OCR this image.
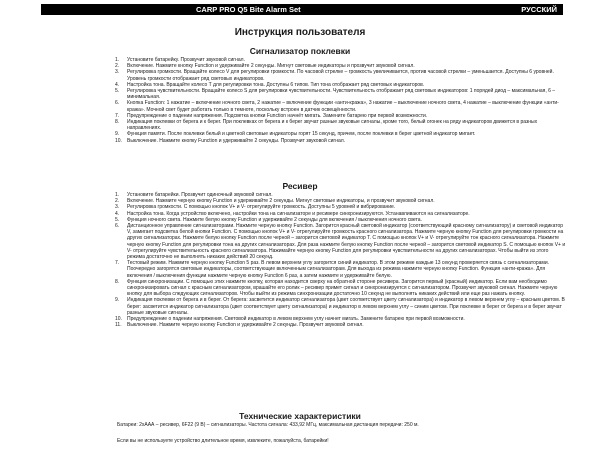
CARP PRO Q5 Bite Alarm Set	РУССКИЙ
Инструкция пользователя
Сигнализатор поклевки
1. Установите батарейку. Прозвучит звуковой сигнал.
2. Включение. Нажмите кнопку Function и удерживайте 2 секунды. Мигнут световые индикаторы и прозвучит звуковой сигнал.
3. Регулировка громкости. Вращайте колесо V для регулировки громкости. По часовой стрелке – громкость увеличивается, против часовой стрелки – уменьшается. Доступны 6 уровней. Уровень громкости отображает ряд световых индикаторов.
4. Настройка тона. Вращайте колесо T для регулировки тона. Доступны 6 типов. Тип тона отображает ряд световых индикаторов.
5. Регулировка чувствительности. Вращайте колесо S для регулировки чувствительности. Чувствительность отображает ряд световых индикаторов: 1 порядей диод – максимальная, 6 – минимальная.
6. Кнопка Function: 1 нажатие – включение ночного света, 2 нажатие – включение функции «анти-кража», 3 нажатие – выключение ночного света, 4 нажатие – выключение функции «анти-кража». Мочной свет будет работать только в темноте, поскольку встроен в датчик освещённости.
7. Предупреждение о падении напряжения. Подсветка кнопки Function начнёт мигать. Замените батарею при первой возможности.
8. Индикация поклевки от берега и к берег. При поклевках от берега и к берег звучат разные звуковые сигналы, кроме того, белый огонек на ряду индикаторов движется в разных направлениях.
9. Функция памяти. После поклевки белый и цветной световые индикаторы горят 15 секунд, причем, после поклевки в берег цветной индикатор мигает.
10. Выключение. Нажмите кнопку Function и удерживайте 2 секунды. Прозвучит звуковой сигнал.
Ресивер
1. Установите батарейки. Прозвучит одиночный звуковой сигнал.
2. Включение. Нажмите черную кнопку Function и удерживайте 2 секунды. Мигнут световые индикаторы, и прозвучит звуковой сигнал.
3. Регулировка громкости. С помощью кнопок V+ и V- отрегулируйте громкость. Доступны 5 уровней и вибрирование.
4. Настройка тона. Когда устройство включено, настройки тона на сигнализаторе и ресивере синхронизируются. Устанавливаются на сигнализаторе.
5. Функция ночного света. Нажмите белую кнопку Function и удерживайте 2 секунды для включения / выключения ночного света.
6. Дистанционное управление сигнализаторами. Нажмите черную кнопку Function. Загорится красный световой индикатор (соответствующий красному сигнализатору) и световой индикатор V, замигает подсветка белой кнопки Function. С помощью кнопок V+ и V- отрегулируйте громкость красного сигнализатора. Нажмите черную кнопку Function для регулировки громкости на других сигнализаторах. Нажмите белую кнопку Function после черной – загорится световой индикатор Т. С помощью кнопок V+ и V- отрегулируйте тон красного сигнализатора. Нажмите черную кнопку Function для регулировки тона на других сигнализаторах. Для раза нажмите белую кнопку Function после черной – загорится световой индикатор S. С помощью кнопок V+ и V- отрегулируйте чувствительность красного сигнализатора. Нажимайте черную кнопку Function для регулировки чувствительности на других сигнализаторах. Чтобы выйти из этого режима достаточно не выполнять никаких действий 20 секунд.
7. Тестовый режим. Нажмите черную кнопку Function 5 раз. В левом верхнем углу загорится синий индикатор. В этом режиме каждые 13 секунд проверяется связь с сигнализаторами. Поочередно загорятся световые индикаторы, соответствующие включенным сигнализаторам. Для выхода из режима нажмите черную кнопку Function. Функция «анти-кража». Для включения / выключения функции нажмите черную кнопку Function 6 раз, а затем нажмите и удерживайте белую.
8. Функция синхронизации. С помощью этих нажмите кнопку, которая находится сверху на обратной стороне ресивера. Загорится первый (красный) индикатор. Если вам необходимо синхронизировать сигнал с красным сигнализатором, врашайте его ролик – ресивер примет сигнал и синхронизируется с сигнализатором. Прозвучит звуковой сигнал. Нажмите черную кнопку для выбора следующих сигнализаторов. Чтобы выйти из режима синхронизации достаточно 10 секунд не выполнять никаких действий или еще раз нажать кнопку.
9. Индикация поклевки от берега и в берег. От берега: засветится индикатор сигнализатора (цвет соответствует цвету сигнализатора) и индикатор в левом верхнем углу – красным цветом. В берег: засветится индикатор сигнализатора (цвет соответствует цвету сигнализатора) и индикатор в левом верхнем углу – синим цветом. При поклевке в берег от берега и в берег звучат разные звуковые сигналы.
10. Предупреждение о падении напряжения. Световой индикатор в левом верхнем углу начнет мигать. Замените батарею при первой возможности.
11. Выключение. Нажмите черную кнопку Function и удерживайте 2 секунды. Прозвучит звуковой сигнал.
Технические характеристики

Батареи: 2хААА – ресивер, 6F22 (9 В) – сигнализаторы. Частота сигнала: 433,92 МГц, максимальная дистанция передачи: 250 м.

Если вы не используете устройство длительное время, извлеките, пожалуйста, батарейки!
